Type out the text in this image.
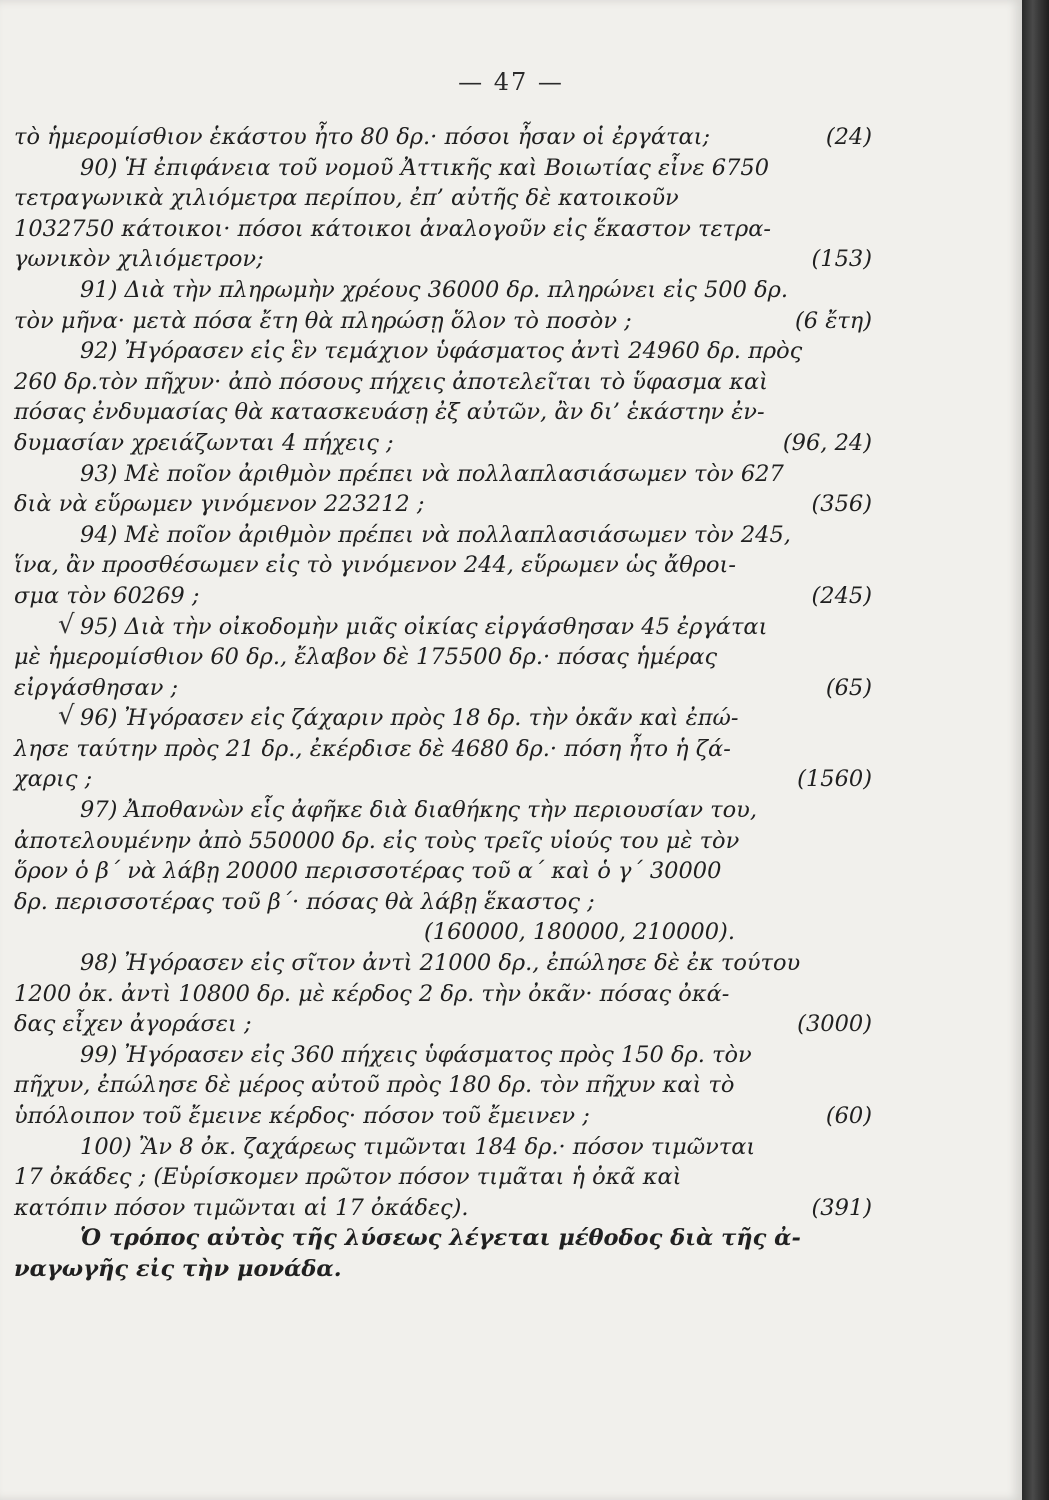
— 47 —
τὸ ἡμερομίσθιον ἑκάστου ἦτο 80 δρ.· πόσοι ἦσαν οἱ ἐργάται;	(24)
90) Ἡ ἐπιφάνεια τοῦ νομοῦ Ἀττικῆς καὶ Βοιωτίας εἶνε 6750
τετραγωνικὰ χιλιόμετρα περίπου, ἐπ’ αὐτῆς δὲ κατοικοῦν
1032750 κάτοικοι· πόσοι κάτοικοι ἀναλογοῦν εἰς ἕκαστον τετρα-
γωνικὸν χιλιόμετρον;	(153)
91) Διὰ τὴν πληρωμὴν χρέους 36000 δρ. πληρώνει εἰς 500 δρ.
τὸν μῆνα· μετὰ πόσα ἔτη θὰ πληρώσῃ ὅλον τὸ ποσὸν ;	(6 ἔτη)
92) Ἠγόρασεν εἰς ἓν τεμάχιον ὑφάσματος ἀντὶ 24960 δρ. πρὸς
260 δρ.τὸν πῆχυν· ἀπὸ πόσους πήχεις ἀποτελεῖται τὸ ὕφασμα καὶ
πόσας ἐνδυμασίας θὰ κατασκευάσῃ ἐξ αὐτῶν, ἂν δι’ ἑκάστην ἐν-
δυμασίαν χρειάζωνται 4 πήχεις ;	(96, 24)
93) Μὲ ποῖον ἀριθμὸν πρέπει νὰ πολλαπλασιάσωμεν τὸν 627
διὰ νὰ εὕρωμεν γινόμενον 223212 ;	(356)
94) Μὲ ποῖον ἀριθμὸν πρέπει νὰ πολλαπλασιάσωμεν τὸν 245,
ἵνα, ἂν προσθέσωμεν εἰς τὸ γινόμενον 244, εὕρωμεν ὡς ἄθροι-
σμα τὸν 60269 ;	(245)
√ 95) Διὰ τὴν οἰκοδομὴν μιᾶς οἰκίας εἰργάσθησαν 45 ἐργάται
μὲ ἡμερομίσθιον 60 δρ., ἔλαβον δὲ 175500 δρ.· πόσας ἡμέρας
εἰργάσθησαν ;	(65)
√ 96) Ἠγόρασεν εἰς ζάχαριν πρὸς 18 δρ. τὴν ὀκᾶν καὶ ἐπώ-
λησε ταύτην πρὸς 21 δρ., ἐκέρδισε δὲ 4680 δρ.· πόση ἦτο ἡ ζά-
χαρις ;	(1560)
97) Ἀποθανὼν εἷς ἀφῆκε διὰ διαθήκης τὴν περιουσίαν του,
ἀποτελουμένην ἀπὸ 550000 δρ. εἰς τοὺς τρεῖς υἱούς του μὲ τὸν
ὅρον ὁ β΄ νὰ λάβῃ 20000 περισσοτέρας τοῦ α΄ καὶ ὁ γ΄ 30000
δρ. περισσοτέρας τοῦ β΄· πόσας θὰ λάβῃ ἕκαστος ;
(160000, 180000, 210000).
98) Ἠγόρασεν εἰς σῖτον ἀντὶ 21000 δρ., ἐπώλησε δὲ ἐκ τούτου
1200 ὀκ. ἀντὶ 10800 δρ. μὲ κέρδος 2 δρ. τὴν ὀκᾶν· πόσας ὀκά-
δας εἶχεν ἀγοράσει ;	(3000)
99) Ἠγόρασεν εἰς 360 πήχεις ὑφάσματος πρὸς 150 δρ. τὸν
πῆχυν, ἐπώλησε δὲ μέρος αὐτοῦ πρὸς 180 δρ. τὸν πῆχυν καὶ τὸ
ὑπόλοιπον τοῦ ἔμεινε κέρδος· πόσον τοῦ ἔμεινεν ;	(60)
100) Ἂν 8 ὀκ. ζαχάρεως τιμῶνται 184 δρ.· πόσον τιμῶνται
17 ὀκάδες ; (Εὑρίσκομεν πρῶτον πόσον τιμᾶται ἡ ὀκᾶ καὶ
κατόπιν πόσον τιμῶνται αἱ 17 ὀκάδες).	(391)
Ὁ τρόπος αὐτὸς τῆς λύσεως λέγεται μέθοδος διὰ τῆς ἀ-
ναγωγῆς εἰς τὴν μονάδα.
